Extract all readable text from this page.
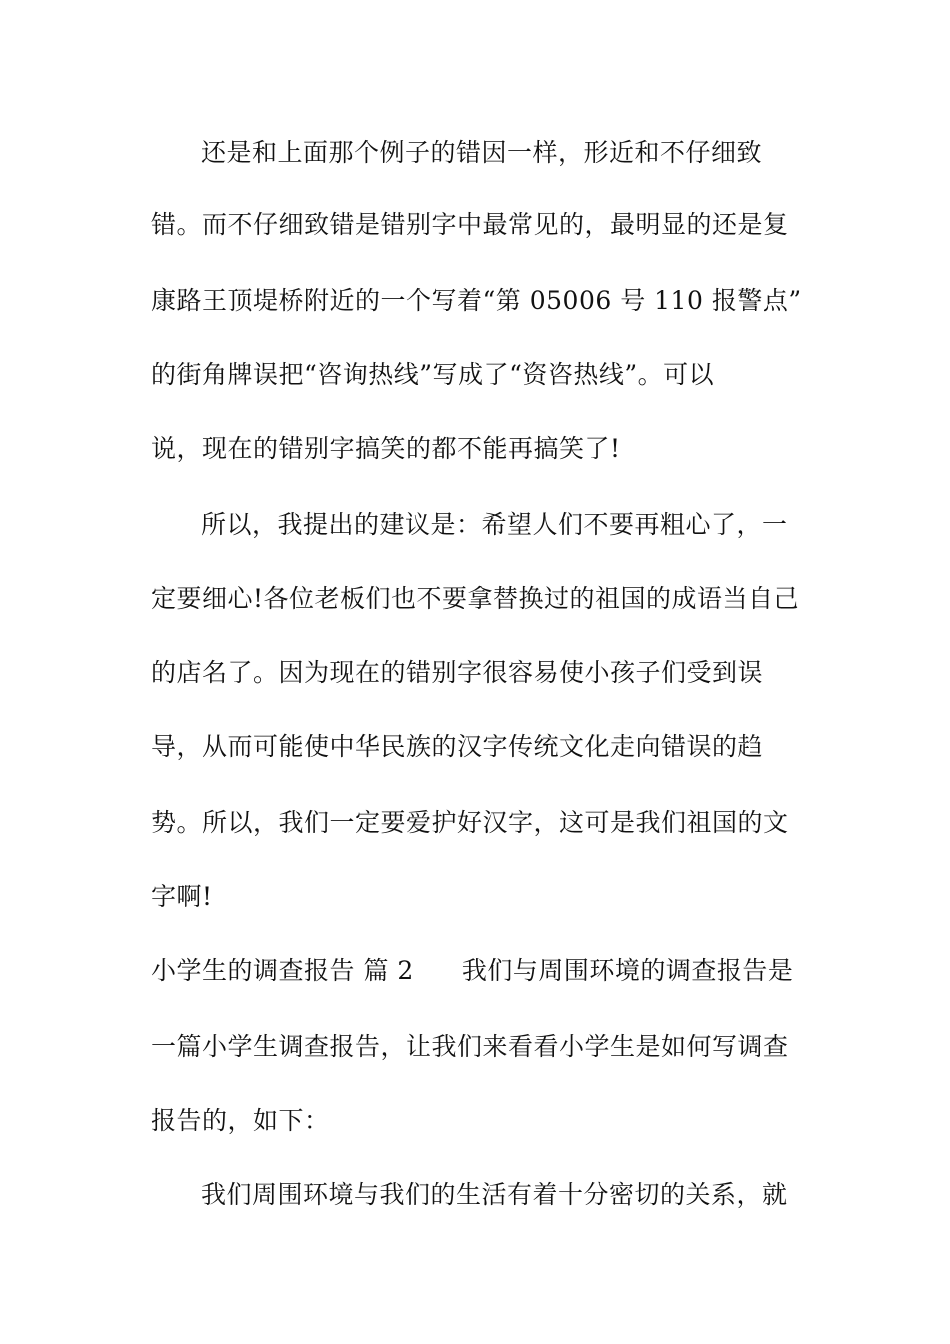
还是和上面那个例子的错因一样，形近和不仔细致
错。而不仔细致错是错别字中最常见的，最明显的还是复
康路王顶堤桥附近的一个写着“第 05006 号 110 报警点”
的街角牌误把“咨询热线”写成了“资咨热线”。可以
说，现在的错别字搞笑的都不能再搞笑了!
所以，我提出的建议是：希望人们不要再粗心了，一
定要细心!各位老板们也不要拿替换过的祖国的成语当自己
的店名了。因为现在的错别字很容易使小孩子们受到误
导，从而可能使中华民族的汉字传统文化走向错误的趋
势。所以，我们一定要爱护好汉字，这可是我们祖国的文
字啊!
小学生的调查报告 篇 2 我们与周围环境的调查报告是
一篇小学生调查报告，让我们来看看小学生是如何写调查
报告的，如下：
我们周围环境与我们的生活有着十分密切的关系，就
